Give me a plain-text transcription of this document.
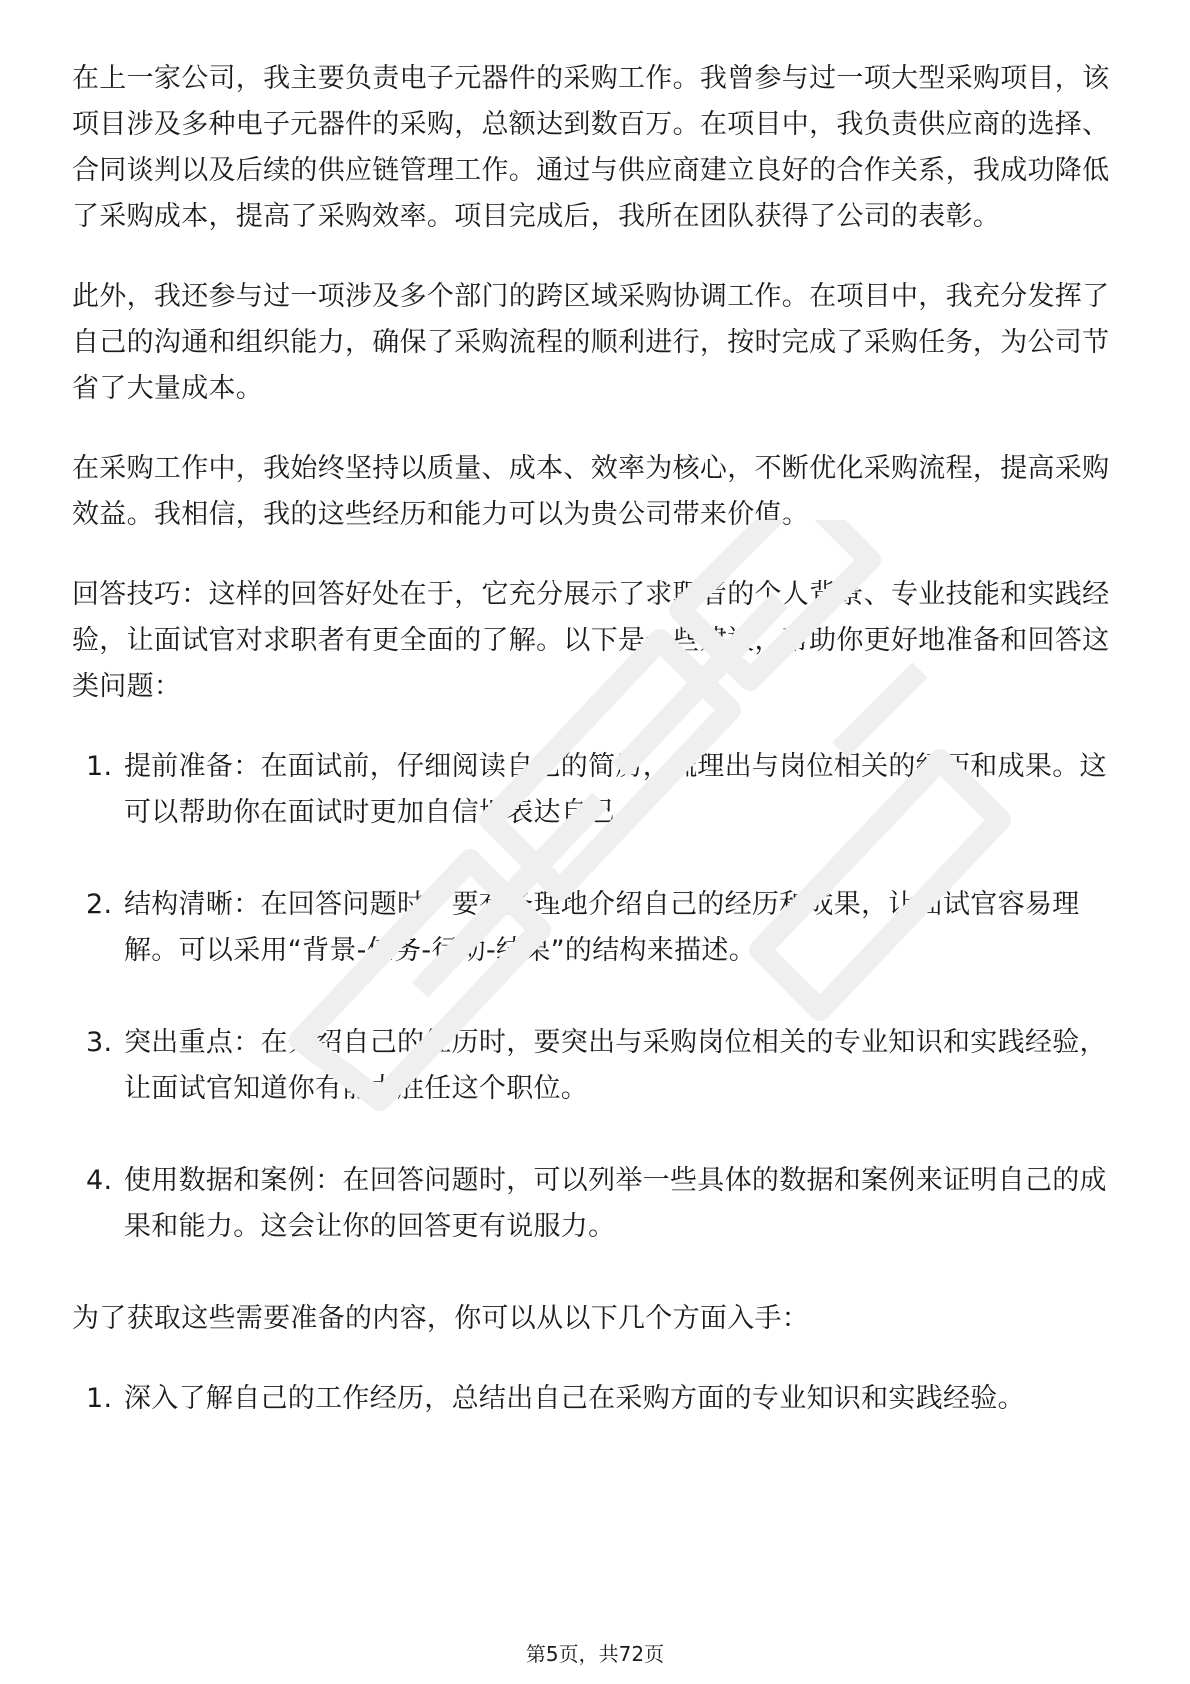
在上一家公司，我主要负责电子元器件的采购工作。我曾参与过一项大型采购项目，该项目涉及多种电子元器件的采购，总额达到数百万。在项目中，我负责供应商的选择、合同谈判以及后续的供应链管理工作。通过与供应商建立良好的合作关系，我成功降低了采购成本，提高了采购效率。项目完成后，我所在团队获得了公司的表彰。

此外，我还参与过一项涉及多个部门的跨区域采购协调工作。在项目中，我充分发挥了自己的沟通和组织能力，确保了采购流程的顺利进行，按时完成了采购任务，为公司节省了大量成本。

在采购工作中，我始终坚持以质量、成本、效率为核心，不断优化采购流程，提高采购效益。我相信，我的这些经历和能力可以为贵公司带来价值。

回答技巧：这样的回答好处在于，它充分展示了求职者的个人背景、专业技能和实践经验，让面试官对求职者有更全面的了解。以下是一些建议，帮助你更好地准备和回答这类问题：

1. 提前准备：在面试前，仔细阅读自己的简历，梳理出与岗位相关的经历和成果。这可以帮助你在面试时更加自信地表达自己。
2. 结构清晰：在回答问题时，要有条理地介绍自己的经历和成果，让面试官容易理解。可以采用“背景-任务-行动-结果”的结构来描述。
3. 突出重点：在介绍自己的经历时，要突出与采购岗位相关的专业知识和实践经验，让面试官知道你有能力胜任这个职位。
4. 使用数据和案例：在回答问题时，可以列举一些具体的数据和案例来证明自己的成果和能力。这会让你的回答更有说服力。

为了获取这些需要准备的内容，你可以从以下几个方面入手：

1. 深入了解自己的工作经历，总结出自己在采购方面的专业知识和实践经验。
第5页，共72页
